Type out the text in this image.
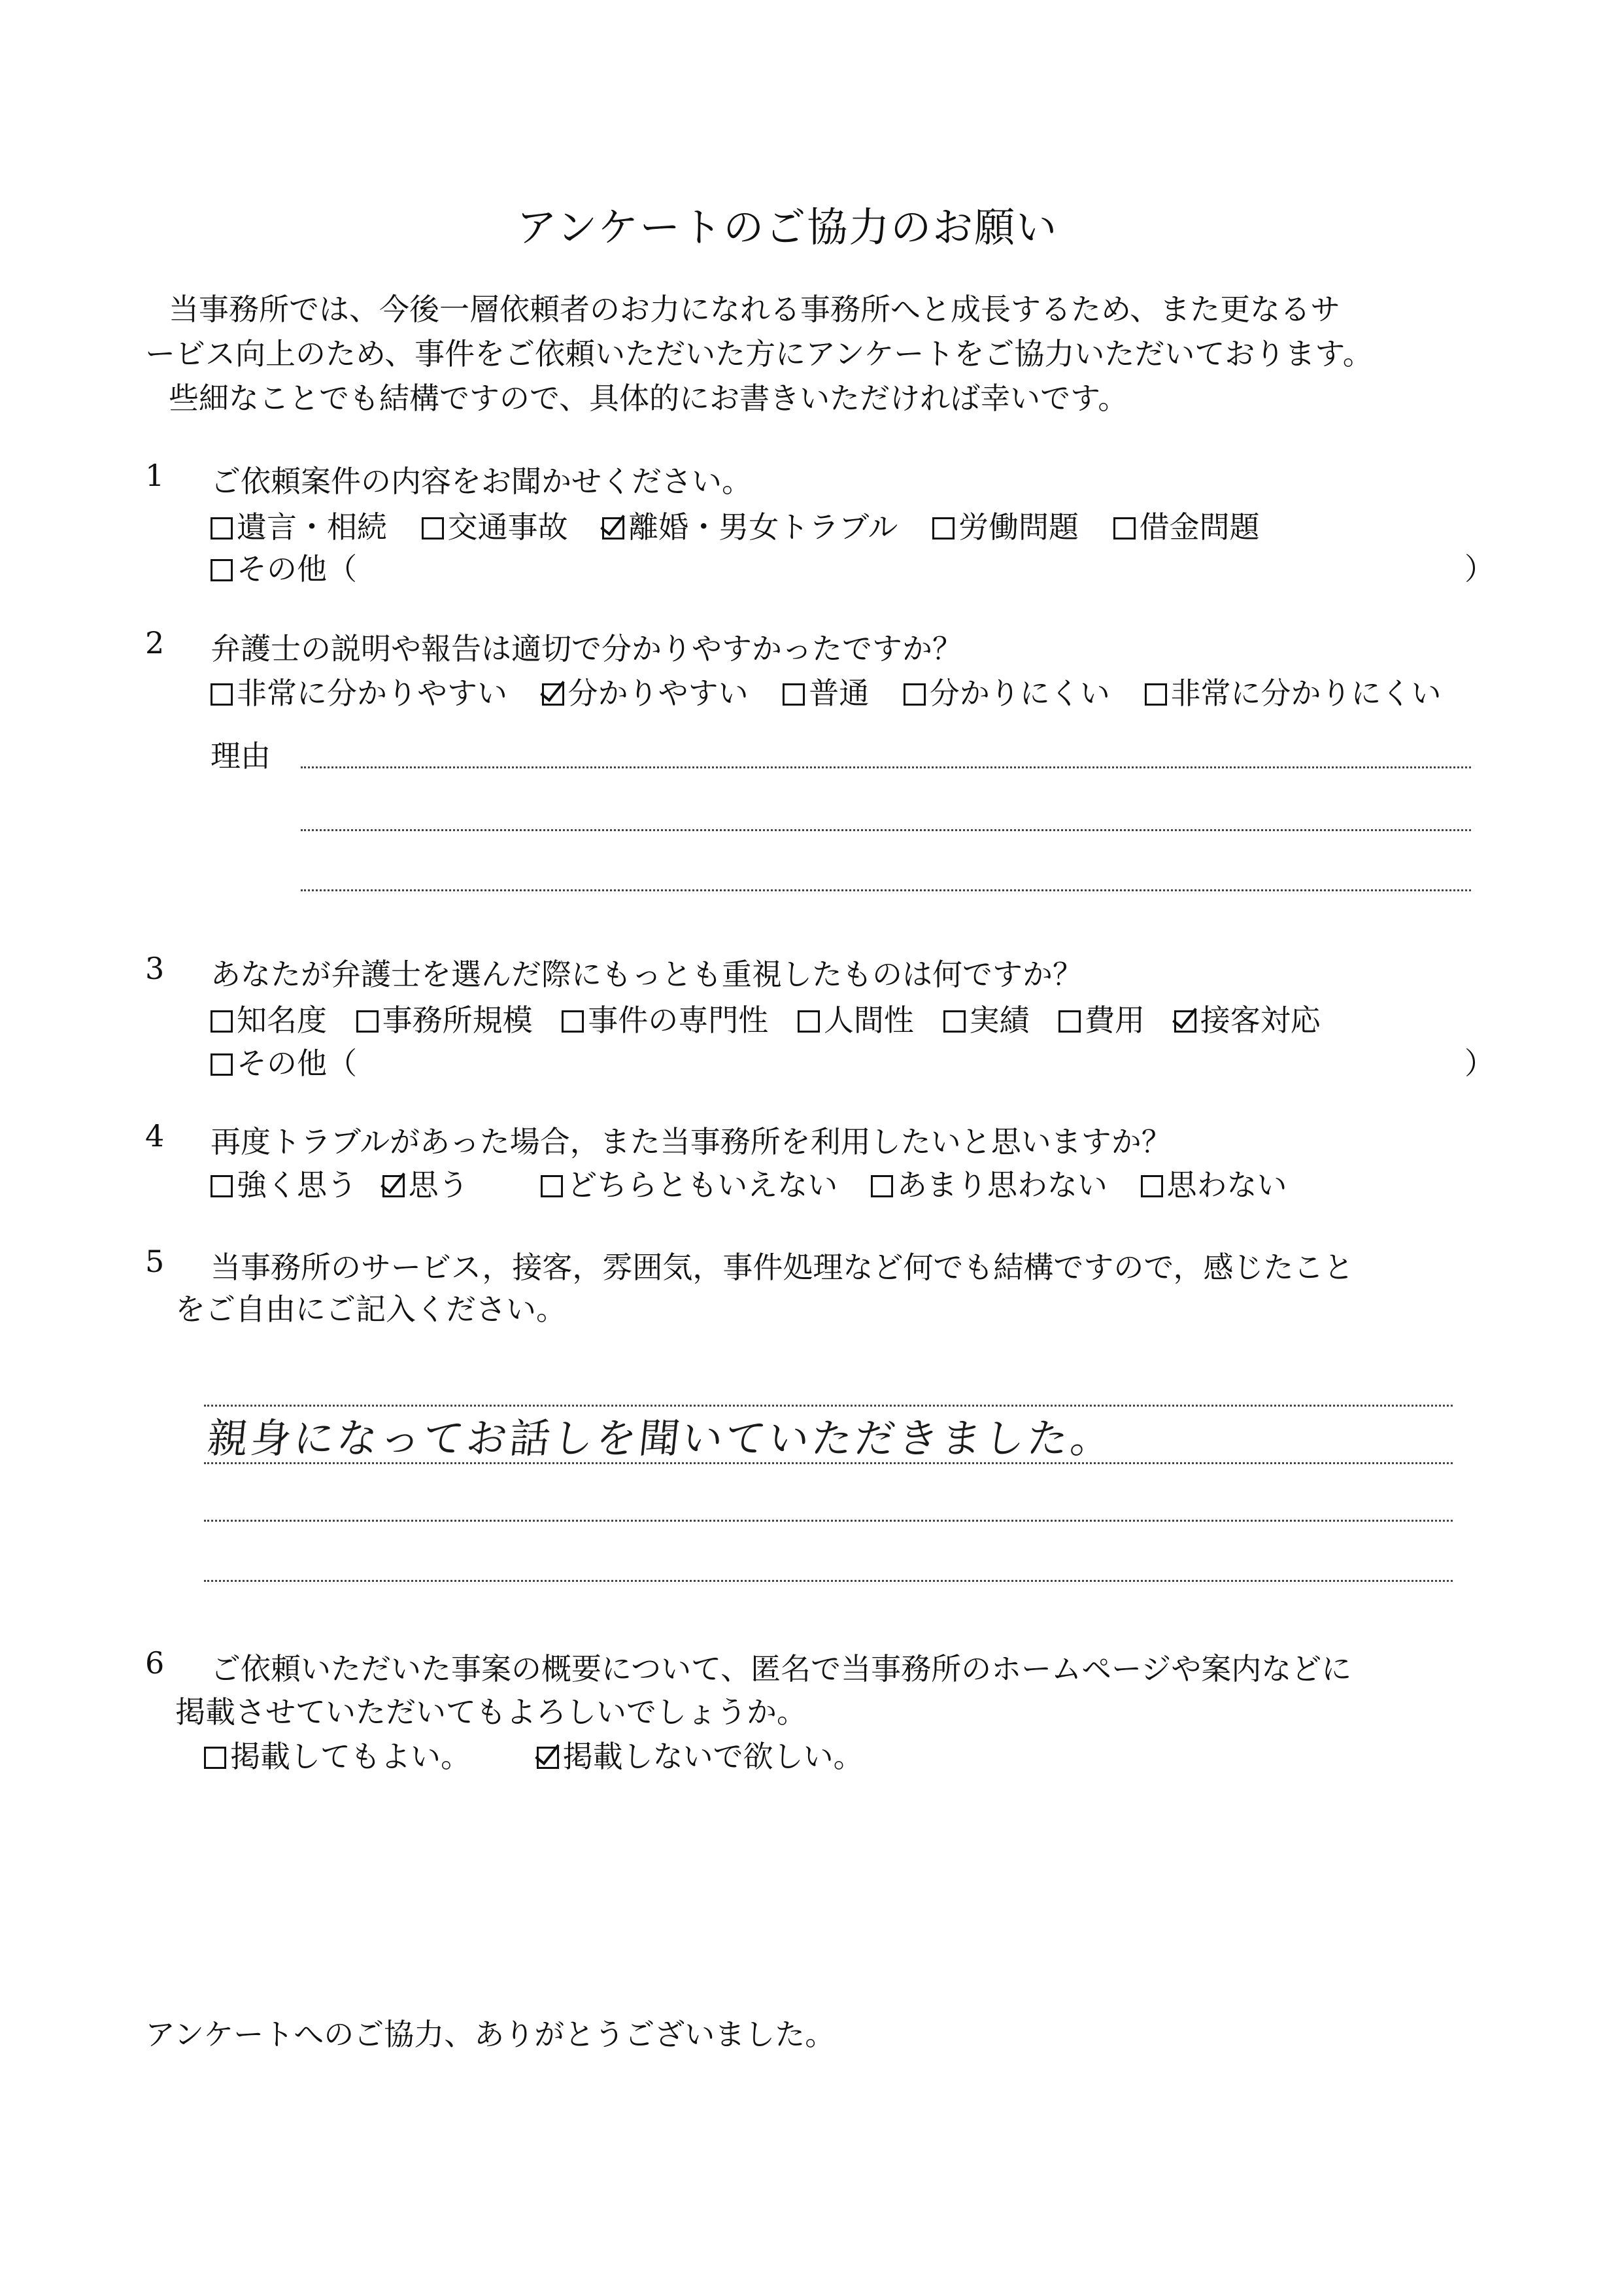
アンケートのご協力のお願い
当事務所では、今後一層依頼者のお力になれる事務所へと成長するため、また更なるサ
ービス向上のため、事件をご依頼いただいた方にアンケートをご協力いただいております。
些細なことでも結構ですので、具体的にお書きいただければ幸いです。
1 ご依頼案件の内容をお聞かせください。
遺言・相続 交通事故 離婚・男女トラブル 労働問題 借金問題
その他（	）
2 弁護士の説明や報告は適切で分かりやすかったですか？
非常に分かりやすい 分かりやすい 普通 分かりにくい 非常に分かりにくい
理由
3 あなたが弁護士を選んだ際にもっとも重視したものは何ですか？
知名度 事務所規模 事件の専門性 人間性 実績 費用 接客対応
その他（	）
4 再度トラブルがあった場合，また当事務所を利用したいと思いますか？
強く思う 思う	どちらともいえない あまり思わない 思わない
5 当事務所のサービス，接客，雰囲気，事件処理など何でも結構ですので，感じたこと
をご自由にご記入ください。
親身になってお話しを聞いていただきました。
6 ご依頼いただいた事案の概要について、匿名で当事務所のホームページや案内などに
掲載させていただいてもよろしいでしょうか。
掲載してもよい。	掲載しないで欲しい。
アンケートへのご協力、ありがとうございました。
